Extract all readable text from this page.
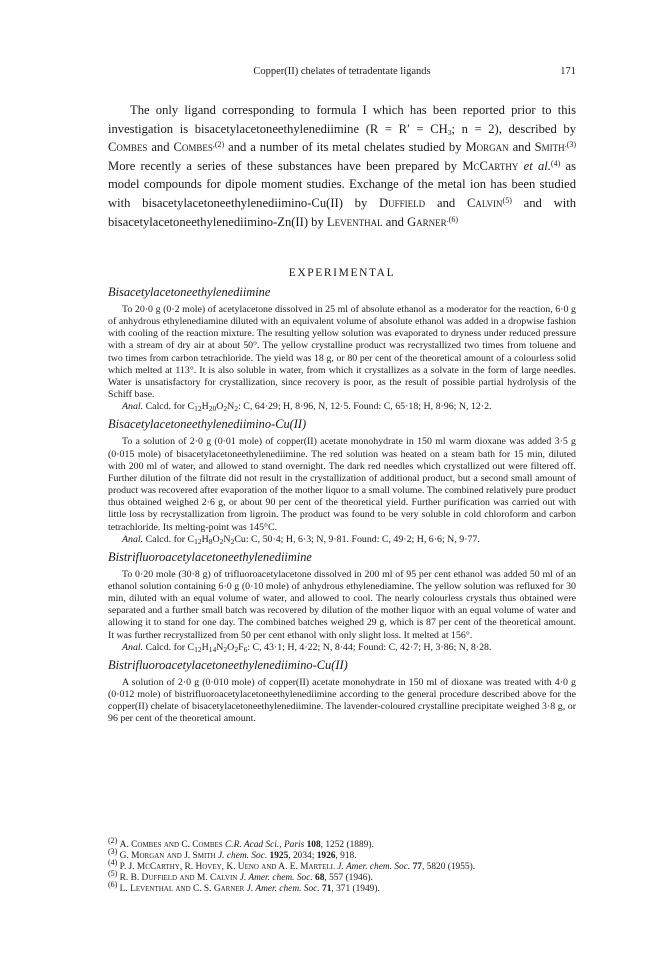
Copper(II) chelates of tetradentate ligands	171

The only ligand corresponding to formula I which has been reported prior to this investigation is bisacetylacetoneethylenediimine ($R = R' = CH_3$; n = 2), described by Combes and Combes$^{,(2)}$ and a number of its metal chelates studied by Morgan and Smith$^{.(3)}$ More recently a series of these substances have been prepared by McCarthy et al.$^{(4)}$ as model compounds for dipole moment studies. Exchange of the metal ion has been studied with bisacetylacetoneethylenediimino-Cu(II) by Duffield and Calvin$^{(5)}$ and with bisacetylacetoneethylenediimino-Zn(II) by Leventhal and Garner$^{.(6)}$

EXPERIMENTAL
Bisacetylacetoneethylenediimine

To 20·0 g (0·2 mole) of acetylacetone dissolved in 25 ml of absolute ethanol as a moderator for the reaction, 6·0 g of anhydrous ethylenediamine diluted with an equivalent volume of absolute ethanol was added in a dropwise fashion with cooling of the reaction mixture. The resulting yellow solution was evaporated to dryness under reduced pressure with a stream of dry air at about 50°. The yellow crystalline product was recrystallized two times from toluene and two times from carbon tetrachloride. The yield was 18 g, or 80 per cent of the theoretical amount of a colourless solid which melted at 113°. It is also soluble in water, from which it crystallizes as a solvate in the form of large needles. Water is unsatisfactory for crystallization, since recovery is poor, as the result of possible partial hydrolysis of the Schiff base.

Anal. Calcd. for $C_{12}H_{20}O_2N_2$: C, 64·29; H, 8·96, N, 12·5. Found: C, 65·18; H, 8·96; N, 12·2.

Bisacetylacetoneethylenediimino-Cu(II)

To a solution of 2·0 g (0·01 mole) of copper(II) acetate monohydrate in 150 ml warm dioxane was added 3·5 g (0·015 mole) of bisacetylacetoneethylenediimine. The red solution was heated on a steam bath for 15 min, diluted with 200 ml of water, and allowed to stand overnight. The dark red needles which crystallized out were filtered off. Further dilution of the filtrate did not result in the crystallization of additional product, but a second small amount of product was recovered after evaporation of the mother liquor to a small volume. The combined relatively pure product thus obtained weighed 2·6 g, or about 90 per cent of the theoretical yield. Further purification was carried out with little loss by recrystallization from ligroin. The product was found to be very soluble in cold chloroform and carbon tetrachloride. Its melting-point was 145°C.

Anal. Calcd. for $C_{12}H_8O_2N_2Cu$: C, 50·4; H, 6·3; N, 9·81. Found: C, 49·2; H, 6·6; N, 9·77.

Bistrifluoroacetylacetoneethylenediimine

To 0·20 mole (30·8 g) of trifluoroacetylacetone dissolved in 200 ml of 95 per cent ethanol was added 50 ml of an ethanol solution containing 6·0 g (0·10 mole) of anhydrous ethylenediamine. The yellow solution was refluxed for 30 min, diluted with an equal volume of water, and allowed to cool. The nearly colourless crystals thus obtained were separated and a further small batch was recovered by dilution of the mother liquor with an equal volume of water and allowing it to stand for one day. The combined batches weighed 29 g, which is 87 per cent of the theoretical amount. It was further recrystallized from 50 per cent ethanol with only slight loss. It melted at 156°.

Anal. Calcd. for $C_{12}H_{14}N_2O_2F_6$: C, 43·1; H, 4·22; N, 8·44; Found: C, 42·7; H, 3·86; N, 8·28.

Bistrifluoroacetylacetoneethylenediimino-Cu(II)

A solution of 2·0 g (0·010 mole) of copper(II) acetate monohydrate in 150 ml of dioxane was treated with 4·0 g (0·012 mole) of bistrifluoroacetylacetoneethylenediimine according to the general procedure described above for the copper(II) chelate of bisacetylacetoneethylenediimine. The lavender-coloured crystalline precipitate weighed 3·8 g, or 96 per cent of the theoretical amount.

$^{(2)}$ A. Combes and C. Combes C.R. Acad Sci., Paris 108, 1252 (1889).

$^{(3)}$ G. Morgan and J. Smith J. chem. Soc. 1925, 2034; 1926, 918.

$^{(4)}$ P. J. McCarthy, R. Hovey, K. Ueno and A. E. Martell J. Amer. chem. Soc. 77, 5820 (1955).

$^{(5)}$ R. B. Duffield and M. Calvin J. Amer. chem. Soc. 68, 557 (1946).

$^{(6)}$ L. Leventhal and C. S. Garner J. Amer. chem. Soc. 71, 371 (1949).
